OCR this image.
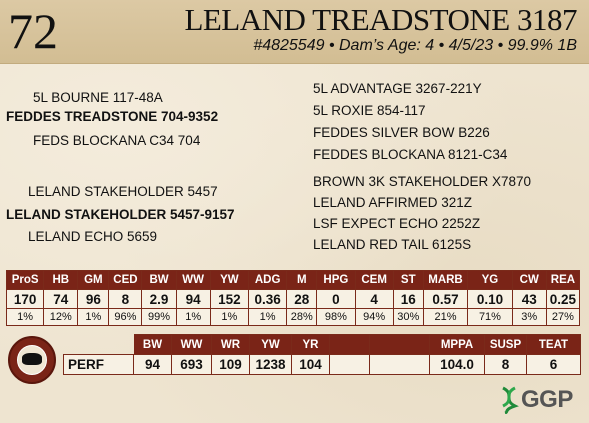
72	LELAND TREADSTONE 3187
#4825549 • Dam’s Age: 4 • 4/5/23 • 99.9% 1B
5L BOURNE 117-48A
FEDDES TREADSTONE 704-9352
FEDS BLOCKANA C34 704
LELAND STAKEHOLDER 5457
LELAND STAKEHOLDER 5457-9157
LELAND ECHO 5659
5L ADVANTAGE 3267-221Y
5L ROXIE 854-117
FEDDES SILVER BOW B226
FEDDES BLOCKANA 8121-C34
BROWN 3K STAKEHOLDER X7870
LELAND AFFIRMED 321Z
LSF EXPECT ECHO 2252Z
LELAND RED TAIL 6125S
ProS	HB	GM	CED	BW	WW	YW	ADG	M	HPG	CEM	ST	MARB	YG	CW	REA
170	74	96	8	2.9	94	152	0.36	28	0	4	16	0.57	0.10	43	0.25
1%	12%	1%	96%	99%	1%	1%	1%	28%	98%	94%	30%	21%	71%	3%	27%
	BW	WW	WR	YW	YR			MPPA	SUSP	TEAT
PERF	94	693	109	1238	104			104.0	8	6
GGP
